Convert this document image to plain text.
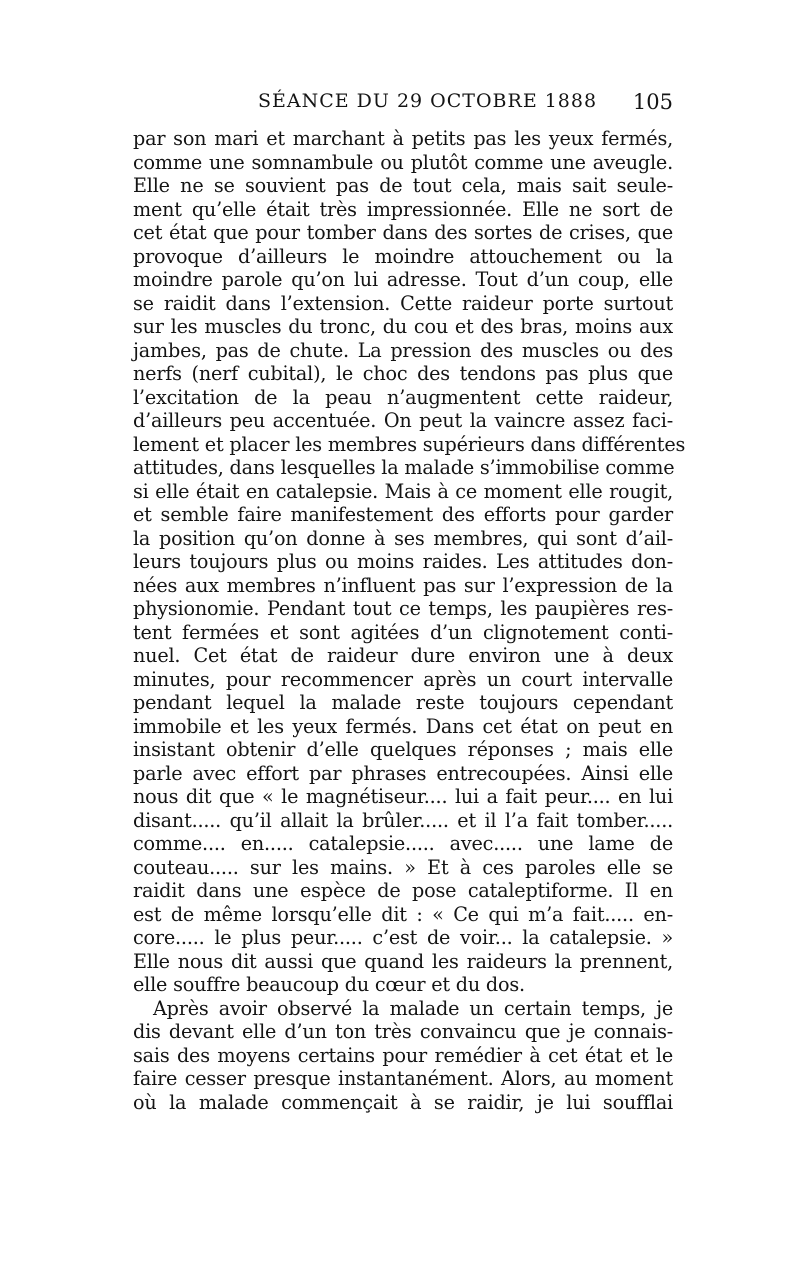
SÉANCE DU 29 OCTOBRE 1888 105
par son mari et marchant à petits pas les yeux fermés,
comme une somnambule ou plutôt comme une aveugle.
Elle ne se souvient pas de tout cela, mais sait seule-
ment qu’elle était très impressionnée. Elle ne sort de
cet état que pour tomber dans des sortes de crises, que
provoque d’ailleurs le moindre attouchement ou la
moindre parole qu’on lui adresse. Tout d’un coup, elle
se raidit dans l’extension. Cette raideur porte surtout
sur les muscles du tronc, du cou et des bras, moins aux
jambes, pas de chute. La pression des muscles ou des
nerfs (nerf cubital), le choc des tendons pas plus que
l’excitation de la peau n’augmentent cette raideur,
d’ailleurs peu accentuée. On peut la vaincre assez faci-
lement et placer les membres supérieurs dans différentes
attitudes, dans lesquelles la malade s’immobilise comme
si elle était en catalepsie. Mais à ce moment elle rougit,
et semble faire manifestement des efforts pour garder
la position qu’on donne à ses membres, qui sont d’ail-
leurs toujours plus ou moins raides. Les attitudes don-
nées aux membres n’influent pas sur l’expression de la
physionomie. Pendant tout ce temps, les paupières res-
tent fermées et sont agitées d’un clignotement conti-
nuel. Cet état de raideur dure environ une à deux
minutes, pour recommencer après un court intervalle
pendant lequel la malade reste toujours cependant
immobile et les yeux fermés. Dans cet état on peut en
insistant obtenir d’elle quelques réponses ; mais elle
parle avec effort par phrases entrecoupées. Ainsi elle
nous dit que « le magnétiseur.... lui a fait peur.... en lui
disant..... qu’il allait la brûler..... et il l’a fait tomber.....
comme.... en..... catalepsie..... avec..... une lame de
couteau..... sur les mains. » Et à ces paroles elle se
raidit dans une espèce de pose cataleptiforme. Il en
est de même lorsqu’elle dit : « Ce qui m’a fait..... en-
core..... le plus peur..... c’est de voir... la catalepsie. »
Elle nous dit aussi que quand les raideurs la prennent,
elle souffre beaucoup du cœur et du dos.
Après avoir observé la malade un certain temps, je
dis devant elle d’un ton très convaincu que je connais-
sais des moyens certains pour remédier à cet état et le
faire cesser presque instantanément. Alors, au moment
où la malade commençait à se raidir, je lui soufflai
